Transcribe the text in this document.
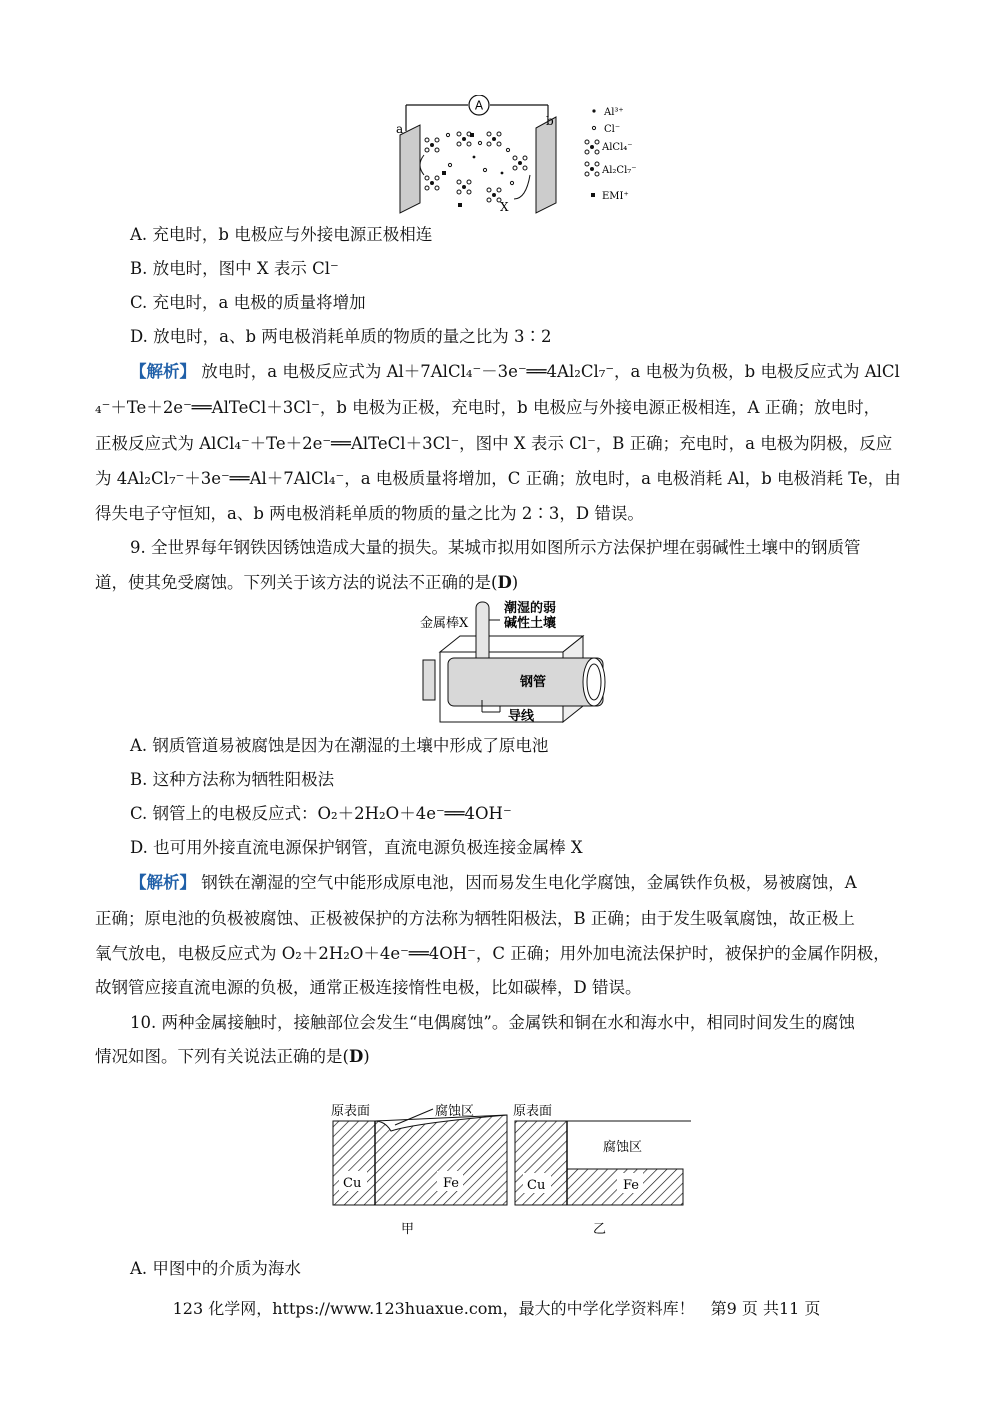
A
a
b
X
Al³⁺
Cl⁻
AlCl₄⁻
Al₂Cl₇⁻
EMI⁺
A. 充电时，b 电极应与外接电源正极相连
B. 放电时，图中 X 表示 Cl⁻
C. 充电时，a 电极的质量将增加
D. 放电时，a、b 两电极消耗单质的物质的量之比为 3∶2
【解析】 放电时，a 电极反应式为 Al＋7AlCl₄⁻－3e⁻══4Al₂Cl₇⁻，a 电极为负极，b 电极反应式为 AlCl
₄⁻＋Te＋2e⁻══AlTeCl＋3Cl⁻，b 电极为正极，充电时，b 电极应与外接电源正极相连，A 正确；放电时，
正极反应式为 AlCl₄⁻＋Te＋2e⁻══AlTeCl＋3Cl⁻，图中 X 表示 Cl⁻，B 正确；充电时，a 电极为阴极，反应
为 4Al₂Cl₇⁻＋3e⁻══Al＋7AlCl₄⁻，a 电极质量将增加，C 正确；放电时，a 电极消耗 Al，b 电极消耗 Te，由
得失电子守恒知，a、b 两电极消耗单质的物质的量之比为 2∶3，D 错误。
9. 全世界每年钢铁因锈蚀造成大量的损失。某城市拟用如图所示方法保护埋在弱碱性土壤中的钢质管
道，使其免受腐蚀。下列关于该方法的说法不正确的是(D)
金属棒X
潮湿的弱
碱性土壤
钢管
导线
A. 钢质管道易被腐蚀是因为在潮湿的土壤中形成了原电池
B. 这种方法称为牺牲阳极法
C. 钢管上的电极反应式：O₂＋2H₂O＋4e⁻══4OH⁻
D. 也可用外接直流电源保护钢管，直流电源负极连接金属棒 X
【解析】 钢铁在潮湿的空气中能形成原电池，因而易发生电化学腐蚀，金属铁作负极，易被腐蚀，A
正确；原电池的负极被腐蚀、正极被保护的方法称为牺牲阳极法，B 正确；由于发生吸氧腐蚀，故正极上
氧气放电，电极反应式为 O₂＋2H₂O＋4e⁻══4OH⁻，C 正确；用外加电流法保护时，被保护的金属作阴极，
故钢管应接直流电源的负极，通常正极连接惰性电极，比如碳棒，D 错误。
10. 两种金属接触时，接触部位会发生“电偶腐蚀”。金属铁和铜在水和海水中，相同时间发生的腐蚀
情况如图。下列有关说法正确的是(D)
原表面	腐蚀区
Cu	Fe
甲
原表面
腐蚀区
Cu	Fe
乙
A. 甲图中的介质为海水
123 化学网，https://www.123huaxue.com，最大的中学化学资料库！　第9 页 共11 页
